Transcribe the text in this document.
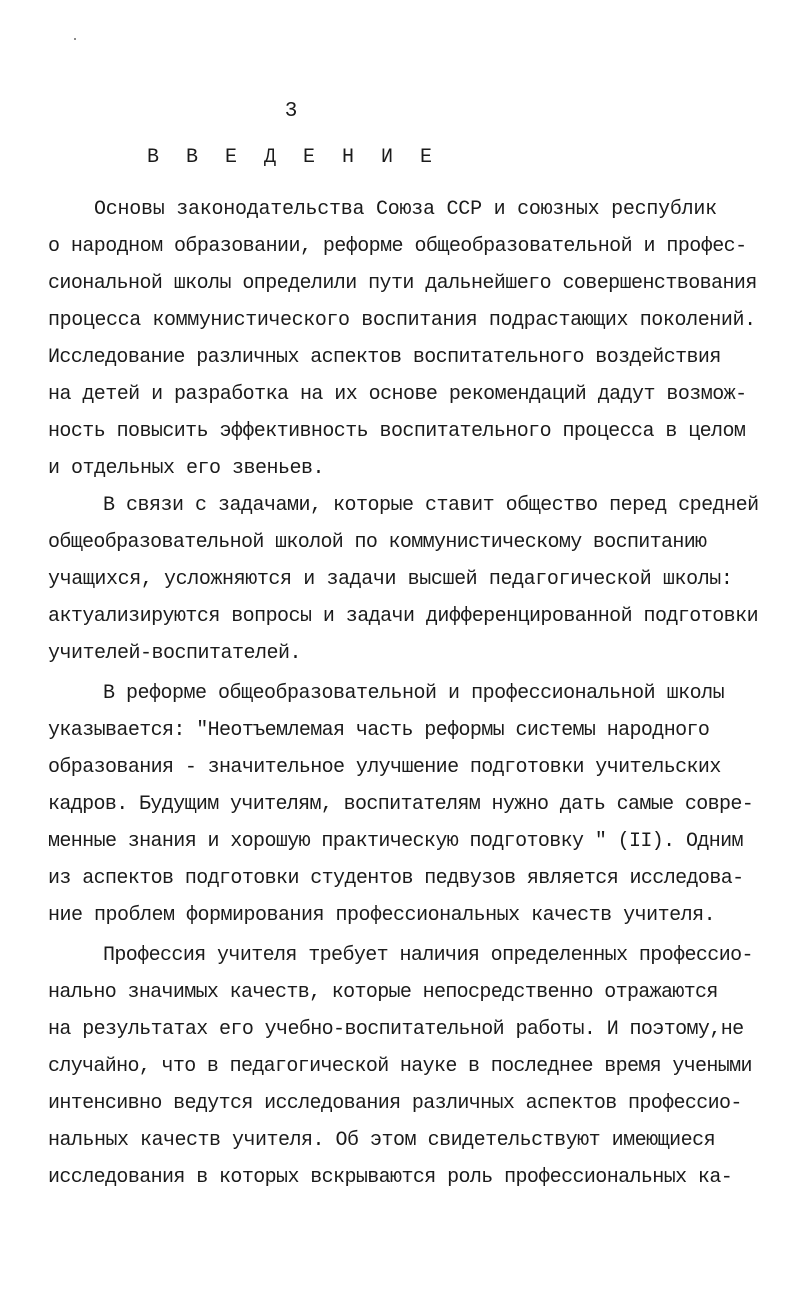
3
В В Е Д Е Н И Е
Основы законодательства Союза ССР и союзных республик
о народном образовании, реформе общеобразовательной и профес-
сиональной школы определили пути дальнейшего совершенствования
процесса коммунистического воспитания подрастающих поколений.
Исследование различных аспектов воспитательного воздействия
на детей и разработка на их основе рекомендаций дадут возмож-
ность повысить эффективность воспитательного процесса в целом
и отдельных его звеньев.
В связи с задачами, которые ставит общество перед средней
общеобразовательной школой по коммунистическому воспитанию
учащихся, усложняются и задачи высшей педагогической школы:
актуализируются вопросы и задачи дифференцированной подготовки
учителей-воспитателей.
В реформе общеобразовательной и профессиональной школы
указывается: "Неотъемлемая часть реформы системы народного
образования - значительное улучшение подготовки учительских
кадров. Будущим учителям, воспитателям нужно дать самые совре-
менные знания и хорошую практическую подготовку " (II). Одним
из аспектов подготовки студентов педвузов является исследова-
ние проблем формирования профессиональных качеств учителя.
Профессия учителя требует наличия определенных профессио-
нально значимых качеств, которые непосредственно отражаются
на результатах его учебно-воспитательной работы. И поэтому,не
случайно, что в педагогической науке в последнее время учеными
интенсивно ведутся исследования различных аспектов профессио-
нальных качеств учителя. Об этом свидетельствуют имеющиеся
исследования в которых вскрываются роль профессиональных ка-
